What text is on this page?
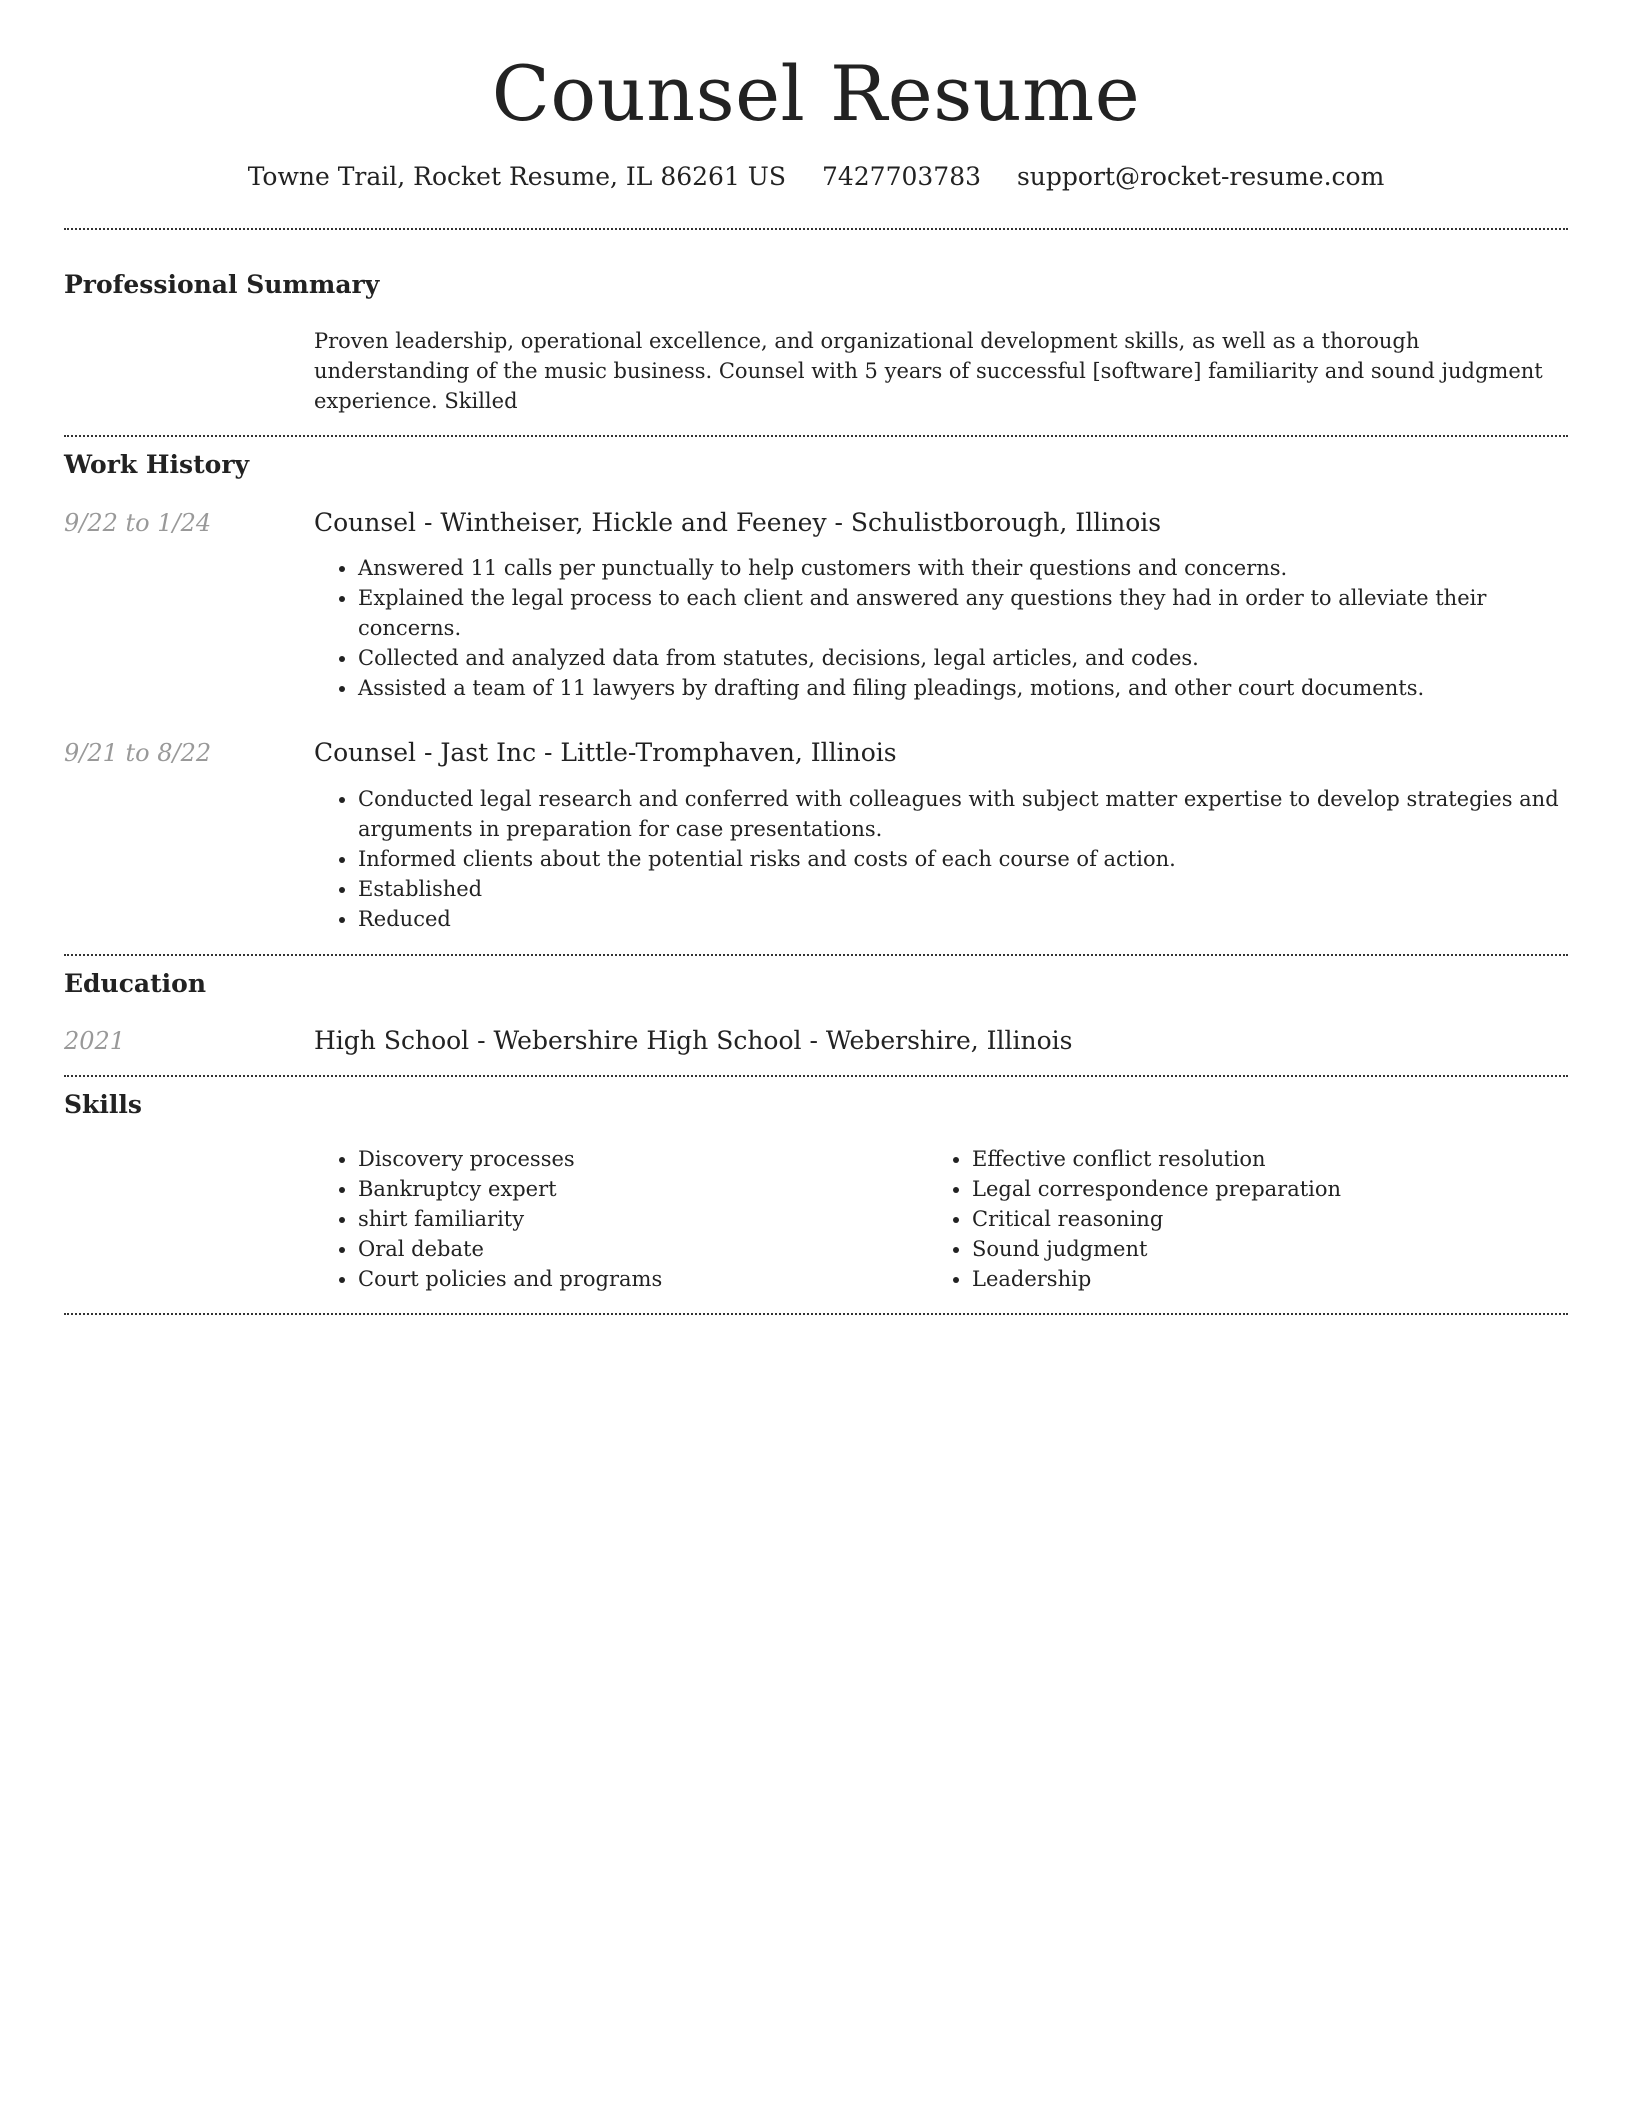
Counsel Resume
Towne Trail, Rocket Resume, IL 86261 US 7427703783 support@rocket-resume.com
Professional Summary
Proven leadership, operational excellence, and organizational development skills, as well as a thorough understanding of the music business. Counsel with 5 years of successful [software] familiarity and sound judgment experience. Skilled
Work History
9/22 to 1/24	Counsel - Wintheiser, Hickle and Feeney - Schulistborough, Illinois
• Answered 11 calls per punctually to help customers with their questions and concerns.
• Explained the legal process to each client and answered any questions they had in order to alleviate their concerns.
• Collected and analyzed data from statutes, decisions, legal articles, and codes.
• Assisted a team of 11 lawyers by drafting and filing pleadings, motions, and other court documents.
9/21 to 8/22	Counsel - Jast Inc - Little-Tromphaven, Illinois
• Conducted legal research and conferred with colleagues with subject matter expertise to develop strategies and arguments in preparation for case presentations.
• Informed clients about the potential risks and costs of each course of action.
• Established
• Reduced
Education
2021	High School - Webershire High School - Webershire, Illinois
Skills
• Discovery processes
• Bankruptcy expert
• shirt familiarity
• Oral debate
• Court policies and programs
• Effective conflict resolution
• Legal correspondence preparation
• Critical reasoning
• Sound judgment
• Leadership
